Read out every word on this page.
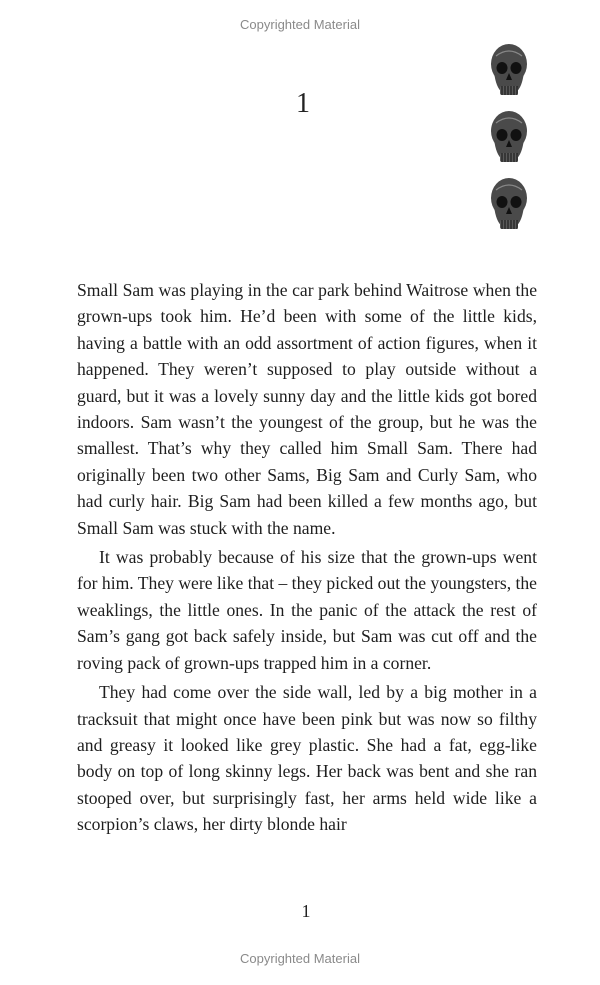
Copyrighted Material
1

Small Sam was playing in the car park behind Waitrose when the grown-ups took him. He’d been with some of the little kids, having a battle with an odd assortment of action figures, when it happened. They weren’t supposed to play outside without a guard, but it was a lovely sunny day and the little kids got bored indoors. Sam wasn’t the youngest of the group, but he was the smallest. That’s why they called him Small Sam. There had originally been two other Sams, Big Sam and Curly Sam, who had curly hair. Big Sam had been killed a few months ago, but Small Sam was stuck with the name.

It was probably because of his size that the grown-ups went for him. They were like that – they picked out the youngsters, the weaklings, the little ones. In the panic of the attack the rest of Sam’s gang got back safely inside, but Sam was cut off and the roving pack of grown-ups trapped him in a corner.

They had come over the side wall, led by a big mother in a tracksuit that might once have been pink but was now so filthy and greasy it looked like grey plastic. She had a fat, egg-like body on top of long skinny legs. Her back was bent and she ran stooped over, but surprisingly fast, her arms held wide like a scorpion’s claws, her dirty blonde hair

1
Copyrighted Material
